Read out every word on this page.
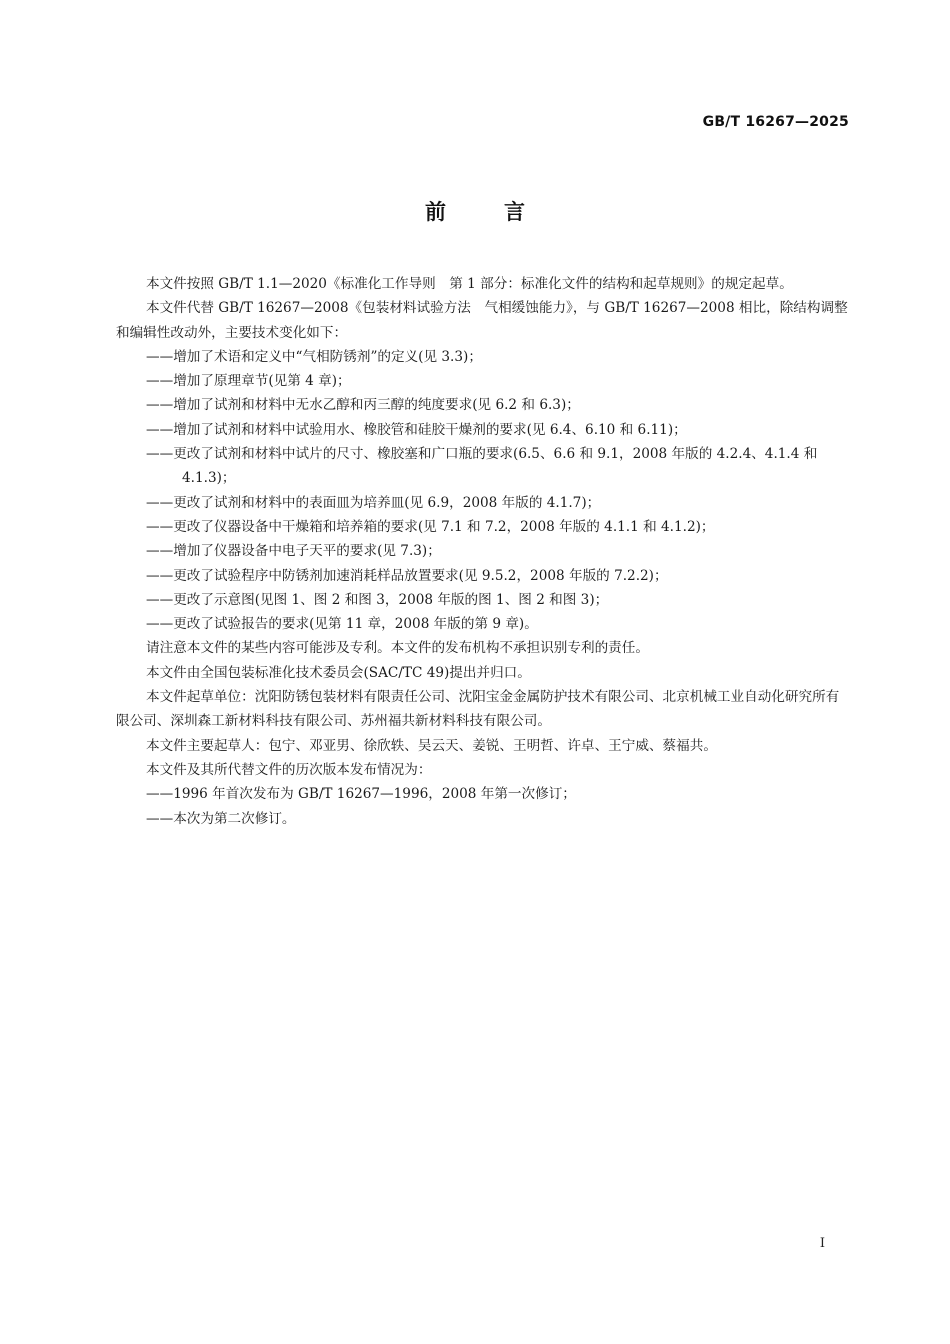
GB/T 16267—2025
前	言

本文件按照 GB/T 1.1—2020《标准化工作导则　第 1 部分：标准化文件的结构和起草规则》的规定起草。

本文件代替 GB/T 16267—2008《包装材料试验方法　气相缓蚀能力》，与 GB/T 16267—2008 相比，除结构调整和编辑性改动外，主要技术变化如下：

——增加了术语和定义中“气相防锈剂”的定义(见 3.3)；

——增加了原理章节(见第 4 章)；

——增加了试剂和材料中无水乙醇和丙三醇的纯度要求(见 6.2 和 6.3)；

——增加了试剂和材料中试验用水、橡胶管和硅胶干燥剂的要求(见 6.4、6.10 和 6.11)；

——更改了试剂和材料中试片的尺寸、橡胶塞和广口瓶的要求(6.5、6.6 和 9.1，2008 年版的 4.2.4、4.1.4 和 4.1.3)；

——更改了试剂和材料中的表面皿为培养皿(见 6.9，2008 年版的 4.1.7)；

——更改了仪器设备中干燥箱和培养箱的要求(见 7.1 和 7.2，2008 年版的 4.1.1 和 4.1.2)；

——增加了仪器设备中电子天平的要求(见 7.3)；

——更改了试验程序中防锈剂加速消耗样品放置要求(见 9.5.2，2008 年版的 7.2.2)；

——更改了示意图(见图 1、图 2 和图 3，2008 年版的图 1、图 2 和图 3)；

——更改了试验报告的要求(见第 11 章，2008 年版的第 9 章)。

请注意本文件的某些内容可能涉及专利。本文件的发布机构不承担识别专利的责任。

本文件由全国包装标准化技术委员会(SAC/TC 49)提出并归口。

本文件起草单位：沈阳防锈包装材料有限责任公司、沈阳宝金金属防护技术有限公司、北京机械工业自动化研究所有限公司、深圳森工新材料科技有限公司、苏州福共新材料科技有限公司。

本文件主要起草人：包宁、邓亚男、徐欣轶、吴云天、姜锐、王明哲、许卓、王宁威、蔡福共。

本文件及其所代替文件的历次版本发布情况为：

——1996 年首次发布为 GB/T 16267—1996，2008 年第一次修订；

——本次为第二次修订。

I
